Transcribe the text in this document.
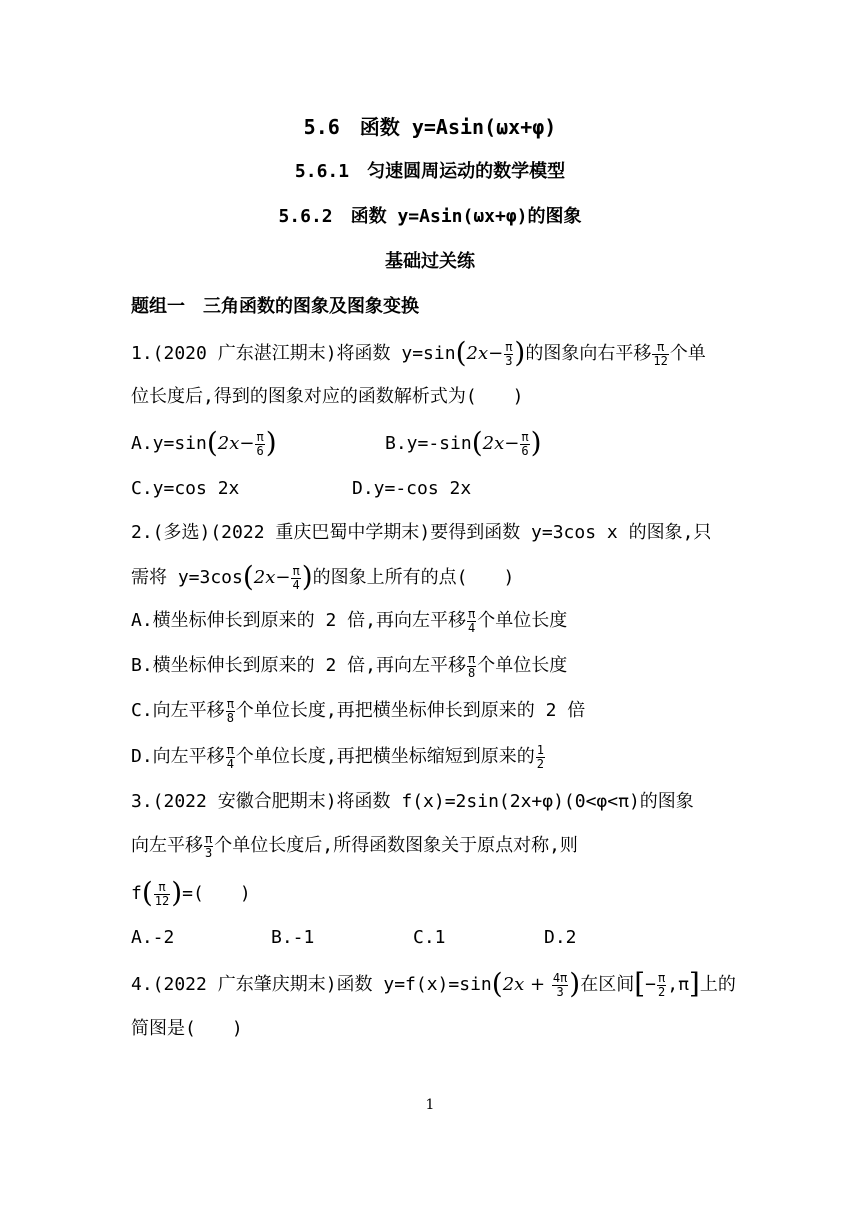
5.6　函数 y=Asin(ωx+φ)
5.6.1　匀速圆周运动的数学模型
5.6.2　函数 y=Asin(ωx+φ)的图象
基础过关练
题组一　三角函数的图象及图象变换
1.(2020 广东湛江期末)将函数 $y=\sin(2x- \frac{\pi}{3}$ )的图象向右平移 $\frac{\pi}{12}$ 个单
位长度后,得到的图象对应的函数解析式为(　　)
$A.y=\sin(2x- \frac{\pi}{6}$ )	$B.y=-\sin(2x- \frac{\pi}{6}$ )
C.y=cos 2x	D.y=-cos 2x
2.(多选)(2022 重庆巴蜀中学期末)要得到函数 y=3cos x 的图象,只
需将 $y=3\cos(2x- \frac{\pi}{4}$ )的图象上所有的点(　　)
A.横坐标伸长到原来的 2 倍,再向左平移 $\frac{\pi}{4}$ 个单位长度
B.横坐标伸长到原来的 2 倍,再向左平移 $\frac{\pi}{8}$ 个单位长度
C.向左平移 $\frac{\pi}{8}$ 个单位长度,再把横坐标伸长到原来的 2 倍
D.向左平移 $\frac{\pi}{4}$ 个单位长度,再把横坐标缩短到原来的 $\frac{1}{2}$
3.(2022 安徽合肥期末)将函数 f(x)=2sin(2x+φ)(0<φ<π)的图象
向左平移 $\frac{\pi}{3}$ 个单位长度后,所得函数图象关于原点对称,则
$f( \frac{\pi}{12}$ )=(　　)
A.-2	B.-1	C.1	D.2
4.(2022 广东肇庆期末)函数 $y=f(x)=\sin(2x + \frac{4\pi}{3}$ )在区间[− $\frac{\pi}{2} ,\pi$]上的
简图是(　　)
1
